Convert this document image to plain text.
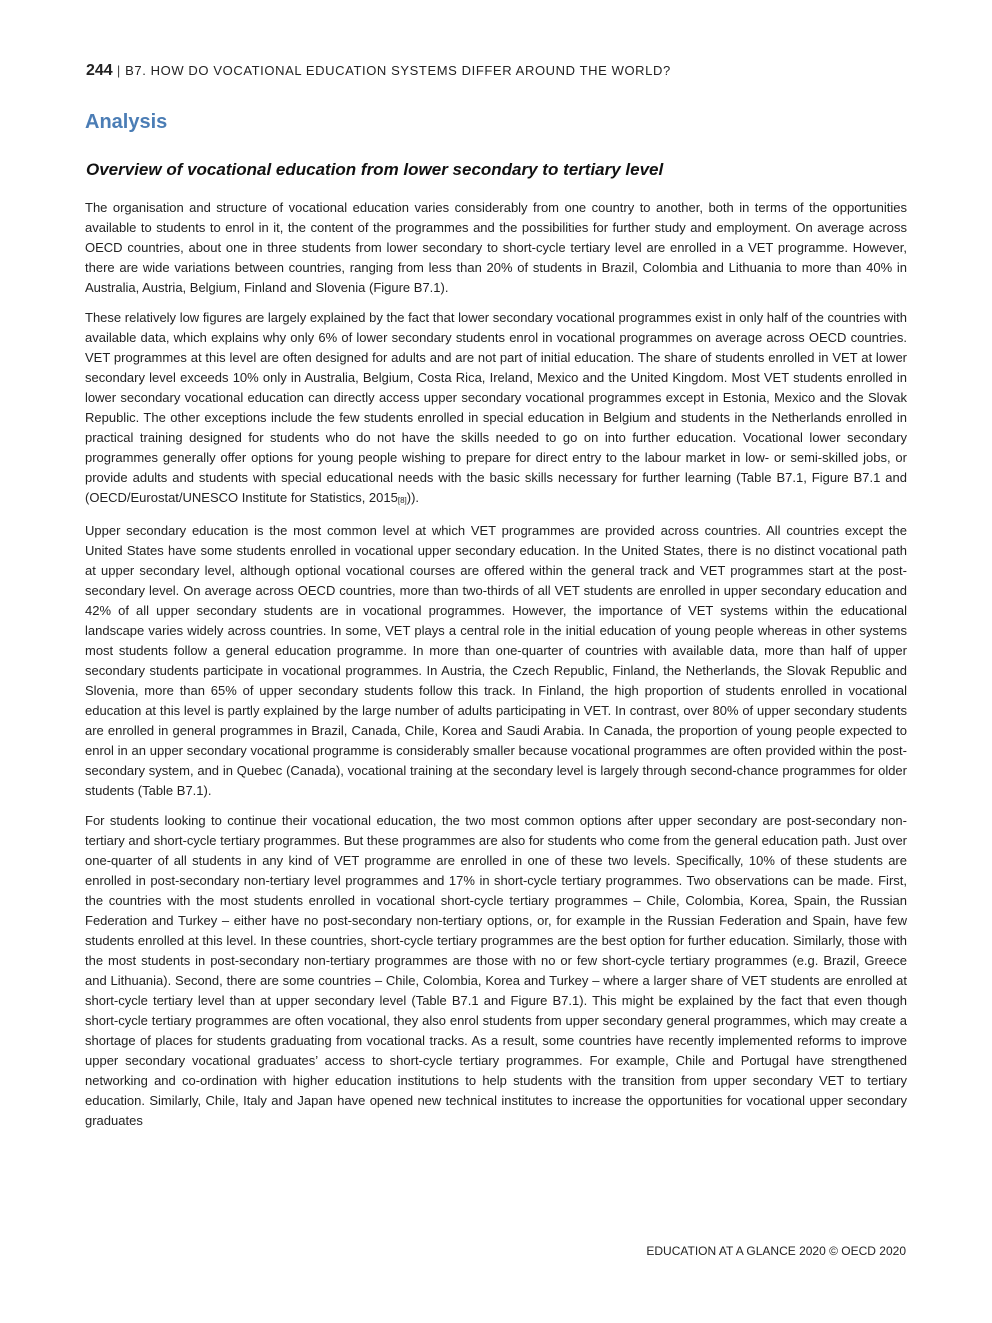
244 | B7. HOW DO VOCATIONAL EDUCATION SYSTEMS DIFFER AROUND THE WORLD?
Analysis
Overview of vocational education from lower secondary to tertiary level

The organisation and structure of vocational education varies considerably from one country to another, both in terms of the opportunities available to students to enrol in it, the content of the programmes and the possibilities for further study and employment. On average across OECD countries, about one in three students from lower secondary to short-cycle tertiary level are enrolled in a VET programme. However, there are wide variations between countries, ranging from less than 20% of students in Brazil, Colombia and Lithuania to more than 40% in Australia, Austria, Belgium, Finland and Slovenia (Figure B7.1).

These relatively low figures are largely explained by the fact that lower secondary vocational programmes exist in only half of the countries with available data, which explains why only 6% of lower secondary students enrol in vocational programmes on average across OECD countries. VET programmes at this level are often designed for adults and are not part of initial education. The share of students enrolled in VET at lower secondary level exceeds 10% only in Australia, Belgium, Costa Rica, Ireland, Mexico and the United Kingdom. Most VET students enrolled in lower secondary vocational education can directly access upper secondary vocational programmes except in Estonia, Mexico and the Slovak Republic. The other exceptions include the few students enrolled in special education in Belgium and students in the Netherlands enrolled in practical training designed for students who do not have the skills needed to go on into further education. Vocational lower secondary programmes generally offer options for young people wishing to prepare for direct entry to the labour market in low- or semi-skilled jobs, or provide adults and students with special educational needs with the basic skills necessary for further learning (Table B7.1, Figure B7.1 and (OECD/Eurostat/UNESCO Institute for Statistics, 2015[8])).

Upper secondary education is the most common level at which VET programmes are provided across countries. All countries except the United States have some students enrolled in vocational upper secondary education. In the United States, there is no distinct vocational path at upper secondary level, although optional vocational courses are offered within the general track and VET programmes start at the post-secondary level. On average across OECD countries, more than two-thirds of all VET students are enrolled in upper secondary education and 42% of all upper secondary students are in vocational programmes. However, the importance of VET systems within the educational landscape varies widely across countries. In some, VET plays a central role in the initial education of young people whereas in other systems most students follow a general education programme. In more than one-quarter of countries with available data, more than half of upper secondary students participate in vocational programmes. In Austria, the Czech Republic, Finland, the Netherlands, the Slovak Republic and Slovenia, more than 65% of upper secondary students follow this track. In Finland, the high proportion of students enrolled in vocational education at this level is partly explained by the large number of adults participating in VET. In contrast, over 80% of upper secondary students are enrolled in general programmes in Brazil, Canada, Chile, Korea and Saudi Arabia. In Canada, the proportion of young people expected to enrol in an upper secondary vocational programme is considerably smaller because vocational programmes are often provided within the post-secondary system, and in Quebec (Canada), vocational training at the secondary level is largely through second-chance programmes for older students (Table B7.1).

For students looking to continue their vocational education, the two most common options after upper secondary are post-secondary non-tertiary and short-cycle tertiary programmes. But these programmes are also for students who come from the general education path. Just over one-quarter of all students in any kind of VET programme are enrolled in one of these two levels. Specifically, 10% of these students are enrolled in post-secondary non-tertiary level programmes and 17% in short-cycle tertiary programmes. Two observations can be made. First, the countries with the most students enrolled in vocational short-cycle tertiary programmes – Chile, Colombia, Korea, Spain, the Russian Federation and Turkey – either have no post-secondary non-tertiary options, or, for example in the Russian Federation and Spain, have few students enrolled at this level. In these countries, short-cycle tertiary programmes are the best option for further education. Similarly, those with the most students in post-secondary non-tertiary programmes are those with no or few short-cycle tertiary programmes (e.g. Brazil, Greece and Lithuania). Second, there are some countries – Chile, Colombia, Korea and Turkey – where a larger share of VET students are enrolled at short-cycle tertiary level than at upper secondary level (Table B7.1 and Figure B7.1). This might be explained by the fact that even though short-cycle tertiary programmes are often vocational, they also enrol students from upper secondary general programmes, which may create a shortage of places for students graduating from vocational tracks. As a result, some countries have recently implemented reforms to improve upper secondary vocational graduates’ access to short-cycle tertiary programmes. For example, Chile and Portugal have strengthened networking and co-ordination with higher education institutions to help students with the transition from upper secondary VET to tertiary education. Similarly, Chile, Italy and Japan have opened new technical institutes to increase the opportunities for vocational upper secondary graduates

EDUCATION AT A GLANCE 2020 © OECD 2020
